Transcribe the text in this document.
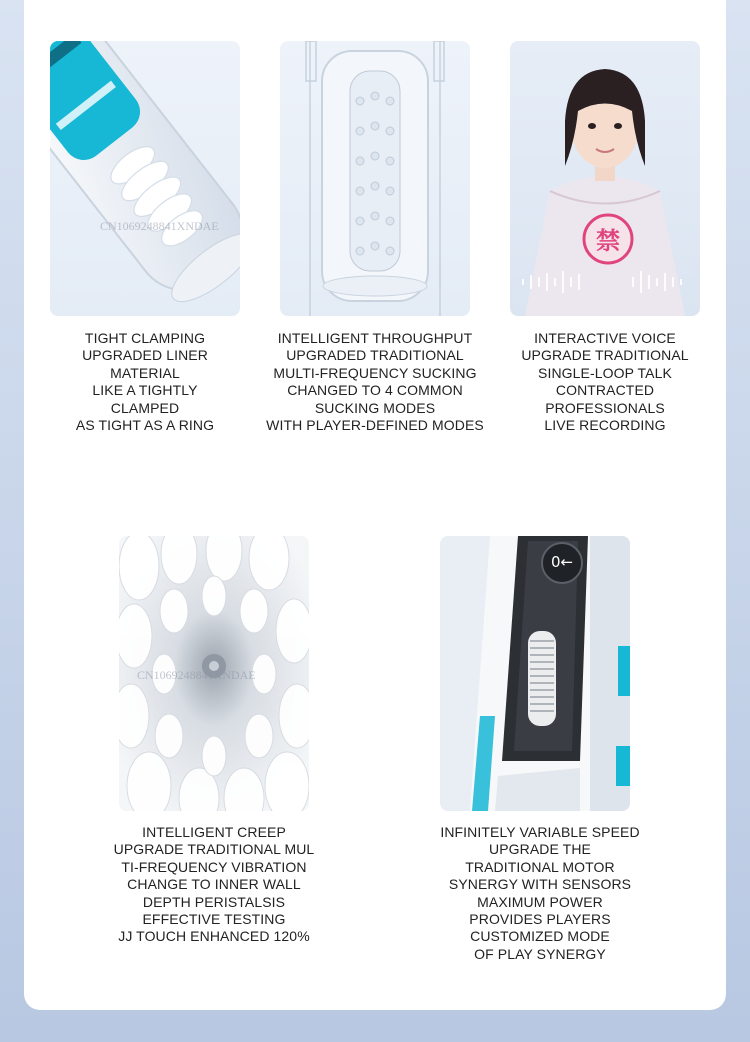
CN1069248841XNDAE
禁
TIGHT CLAMPING
UPGRADED LINER
MATERIAL
LIKE A TIGHTLY
CLAMPED
AS TIGHT AS A RING
INTELLIGENT THROUGHPUT
UPGRADED TRADITIONAL
MULTI-FREQUENCY SUCKING
CHANGED TO 4 COMMON
SUCKING MODES
WITH PLAYER-DEFINED MODES
INTERACTIVE VOICE
UPGRADE TRADITIONAL
SINGLE-LOOP TALK
CONTRACTED
PROFESSIONALS
LIVE RECORDING
CN1069248841XNDAE
0←
INTELLIGENT CREEP
UPGRADE TRADITIONAL MUL
TI-FREQUENCY VIBRATION
CHANGE TO INNER WALL
DEPTH PERISTALSIS
EFFECTIVE TESTING
JJ TOUCH ENHANCED 120%
INFINITELY VARIABLE SPEED
UPGRADE THE
TRADITIONAL MOTOR
SYNERGY WITH SENSORS
MAXIMUM POWER
PROVIDES PLAYERS
CUSTOMIZED MODE
OF PLAY SYNERGY
